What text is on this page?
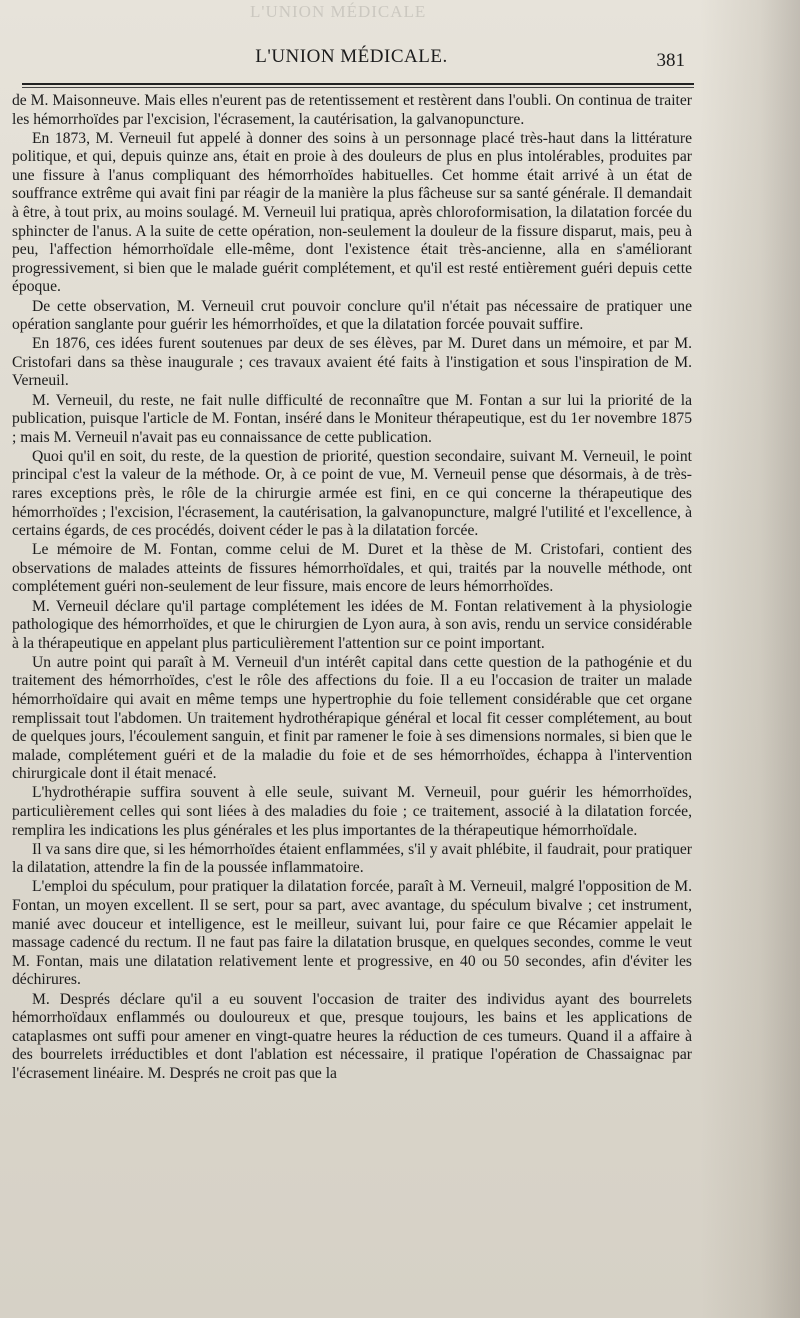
L'UNION MÉDICALE
L'UNION MÉDICALE.	381

de M. Maisonneuve. Mais elles n'eurent pas de retentissement et restèrent dans l'oubli. On continua de traiter les hémorrhoïdes par l'excision, l'écrasement, la cautérisation, la galvanopuncture.

En 1873, M. Verneuil fut appelé à donner des soins à un personnage placé très-haut dans la littérature politique, et qui, depuis quinze ans, était en proie à des douleurs de plus en plus intolérables, produites par une fissure à l'anus compliquant des hémorrhoïdes habituelles. Cet homme était arrivé à un état de souffrance extrême qui avait fini par réagir de la manière la plus fâcheuse sur sa santé générale. Il demandait à être, à tout prix, au moins soulagé. M. Verneuil lui pratiqua, après chloroformisation, la dilatation forcée du sphincter de l'anus. A la suite de cette opération, non-seulement la douleur de la fissure disparut, mais, peu à peu, l'affection hémorrhoïdale elle-même, dont l'existence était très-ancienne, alla en s'améliorant progressivement, si bien que le malade guérit complétement, et qu'il est resté entièrement guéri depuis cette époque.

De cette observation, M. Verneuil crut pouvoir conclure qu'il n'était pas nécessaire de pratiquer une opération sanglante pour guérir les hémorrhoïdes, et que la dilatation forcée pouvait suffire.

En 1876, ces idées furent soutenues par deux de ses élèves, par M. Duret dans un mémoire, et par M. Cristofari dans sa thèse inaugurale ; ces travaux avaient été faits à l'instigation et sous l'inspiration de M. Verneuil.

M. Verneuil, du reste, ne fait nulle difficulté de reconnaître que M. Fontan a sur lui la priorité de la publication, puisque l'article de M. Fontan, inséré dans le Moniteur thérapeutique, est du 1er novembre 1875 ; mais M. Verneuil n'avait pas eu connaissance de cette publication.

Quoi qu'il en soit, du reste, de la question de priorité, question secondaire, suivant M. Verneuil, le point principal c'est la valeur de la méthode. Or, à ce point de vue, M. Verneuil pense que désormais, à de très-rares exceptions près, le rôle de la chirurgie armée est fini, en ce qui concerne la thérapeutique des hémorrhoïdes ; l'excision, l'écrasement, la cautérisation, la galvanopuncture, malgré l'utilité et l'excellence, à certains égards, de ces procédés, doivent céder le pas à la dilatation forcée.

Le mémoire de M. Fontan, comme celui de M. Duret et la thèse de M. Cristofari, contient des observations de malades atteints de fissures hémorrhoïdales, et qui, traités par la nouvelle méthode, ont complétement guéri non-seulement de leur fissure, mais encore de leurs hémorrhoïdes.

M. Verneuil déclare qu'il partage complétement les idées de M. Fontan relativement à la physiologie pathologique des hémorrhoïdes, et que le chirurgien de Lyon aura, à son avis, rendu un service considérable à la thérapeutique en appelant plus particulièrement l'attention sur ce point important.

Un autre point qui paraît à M. Verneuil d'un intérêt capital dans cette question de la pathogénie et du traitement des hémorrhoïdes, c'est le rôle des affections du foie. Il a eu l'occasion de traiter un malade hémorrhoïdaire qui avait en même temps une hypertrophie du foie tellement considérable que cet organe remplissait tout l'abdomen. Un traitement hydrothérapique général et local fit cesser complétement, au bout de quelques jours, l'écoulement sanguin, et finit par ramener le foie à ses dimensions normales, si bien que le malade, complétement guéri et de la maladie du foie et de ses hémorrhoïdes, échappa à l'intervention chirurgicale dont il était menacé.

L'hydrothérapie suffira souvent à elle seule, suivant M. Verneuil, pour guérir les hémorrhoïdes, particulièrement celles qui sont liées à des maladies du foie ; ce traitement, associé à la dilatation forcée, remplira les indications les plus générales et les plus importantes de la thérapeutique hémorrhoïdale.

Il va sans dire que, si les hémorrhoïdes étaient enflammées, s'il y avait phlébite, il faudrait, pour pratiquer la dilatation, attendre la fin de la poussée inflammatoire.

L'emploi du spéculum, pour pratiquer la dilatation forcée, paraît à M. Verneuil, malgré l'opposition de M. Fontan, un moyen excellent. Il se sert, pour sa part, avec avantage, du spéculum bivalve ; cet instrument, manié avec douceur et intelligence, est le meilleur, suivant lui, pour faire ce que Récamier appelait le massage cadencé du rectum. Il ne faut pas faire la dilatation brusque, en quelques secondes, comme le veut M. Fontan, mais une dilatation relativement lente et progressive, en 40 ou 50 secondes, afin d'éviter les déchirures.

M. Després déclare qu'il a eu souvent l'occasion de traiter des individus ayant des bourrelets hémorrhoïdaux enflammés ou douloureux et que, presque toujours, les bains et les applications de cataplasmes ont suffi pour amener en vingt-quatre heures la réduction de ces tumeurs. Quand il a affaire à des bourrelets irréductibles et dont l'ablation est nécessaire, il pratique l'opération de Chassaignac par l'écrasement linéaire. M. Després ne croit pas que la
